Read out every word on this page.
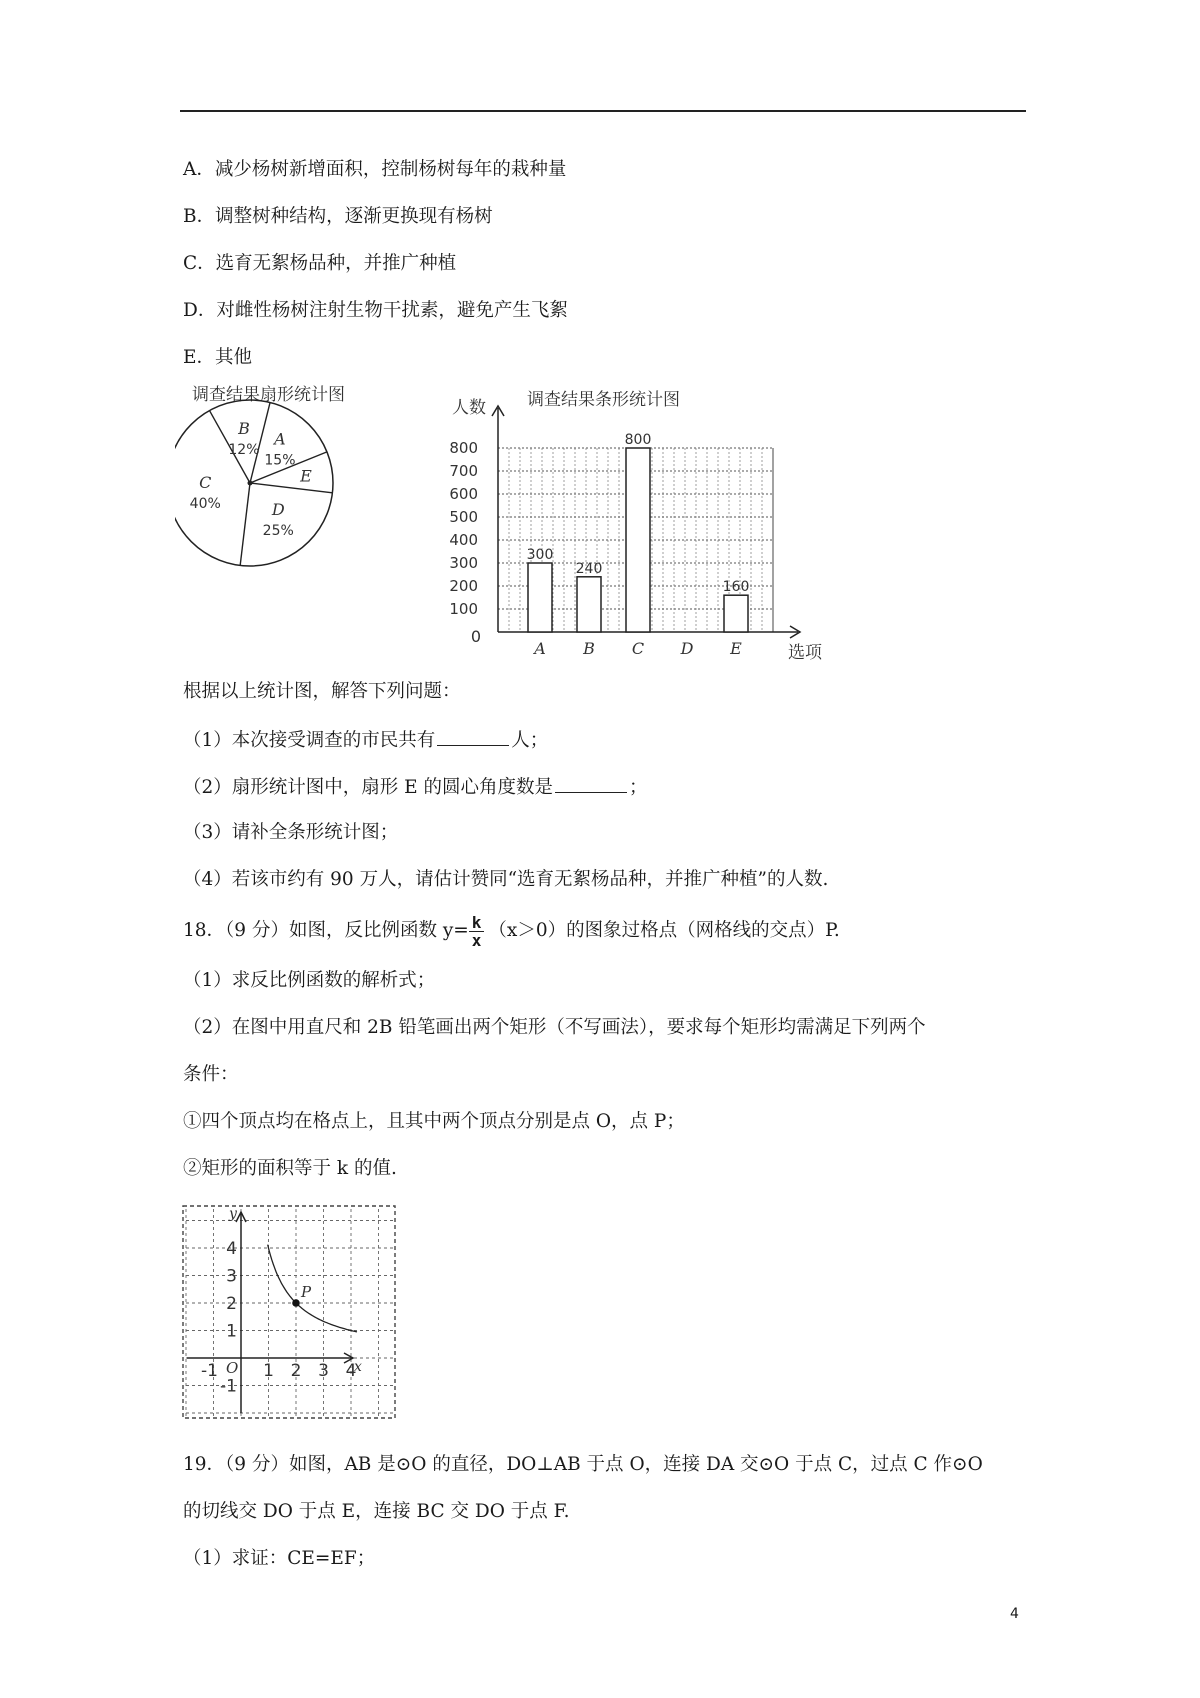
A．减少杨树新增面积，控制杨树每年的栽种量
B．调整树种结构，逐渐更换现有杨树
C．选育无絮杨品种，并推广种植
D．对雌性杨树注射生物干扰素，避免产生飞絮
E．其他
调查结果扇形统计图
A
15%
E
D
25%
C
40%
B
12%
调查结果条形统计图
人数
选项
0
100
200
300
400
500
600
700
800
A
300
B
240
C
800
D E
160
根据以上统计图，解答下列问题：
（1）本次接受调查的市民共有	人；
（2）扇形统计图中，扇形 E 的圆心角度数是	；
（3）请补全条形统计图；
（4）若该市约有 90 万人，请估计赞同“选育无絮杨品种，并推广种植”的人数.
18．（9 分）如图，反比例函数 $y= \frac{k}{x} (x>0)$的图象过格点（网格线的交点）P.
（1）求反比例函数的解析式；
（2）在图中用直尺和 2B 铅笔画出两个矩形（不写画法），要求每个矩形均需满足下列两个
条件：
①四个顶点均在格点上，且其中两个顶点分别是点 O，点 P；
②矩形的面积等于 k 的值.
x
y
O
-1	1 2 3 4
-1
1
2
3
4
P
19．（9 分）如图，AB 是⊙O 的直径，DO⊥AB 于点 O，连接 DA 交⊙O 于点 C，过点 C 作⊙O
的切线交 DO 于点 E，连接 BC 交 DO 于点 F.
（1）求证：CE=EF；
4
